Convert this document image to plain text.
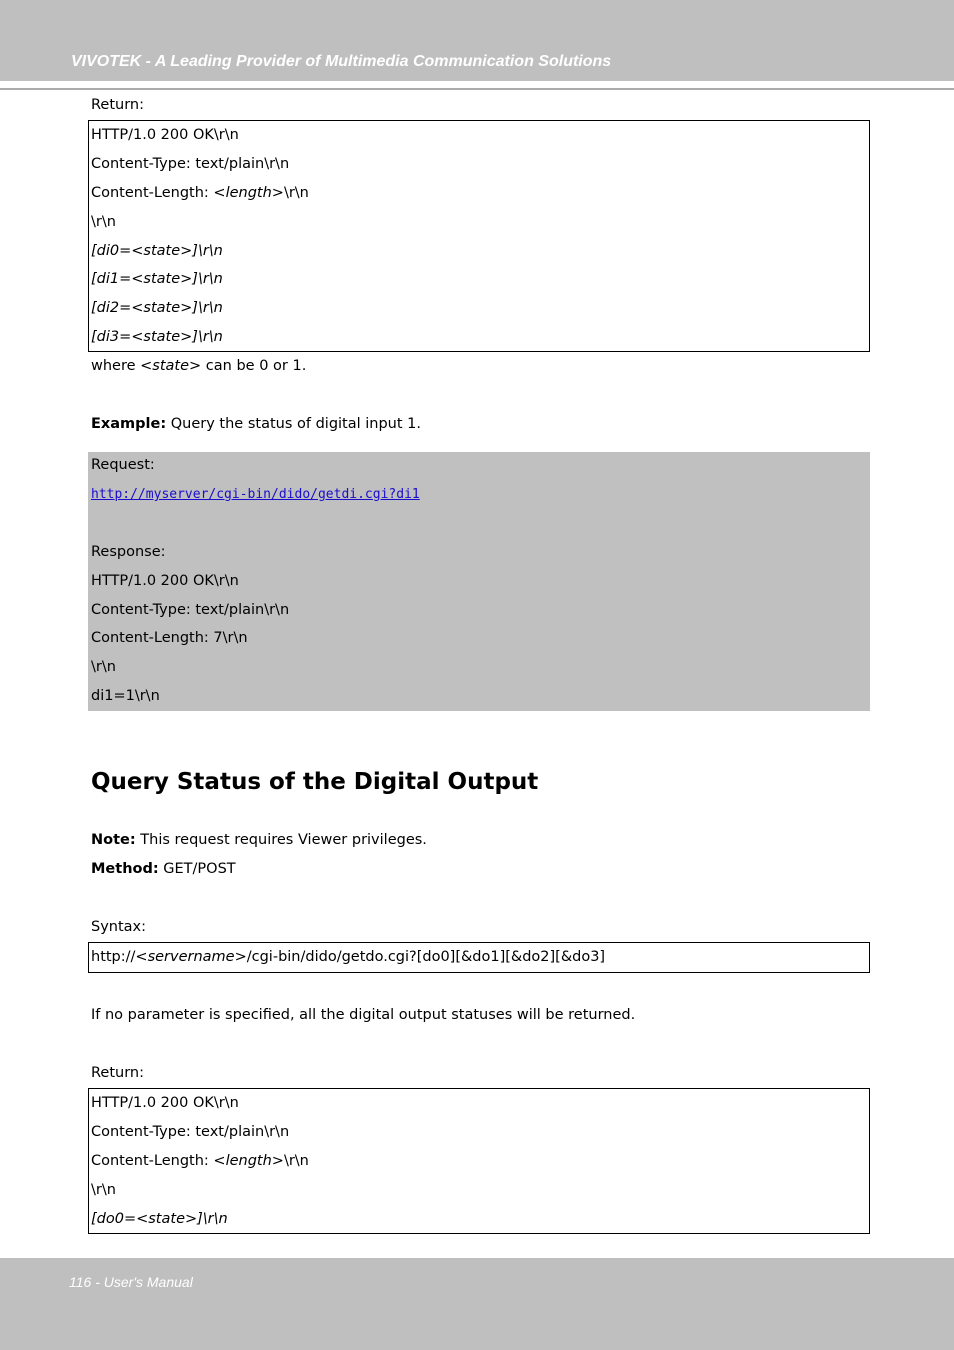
VIVOTEK - A Leading Provider of Multimedia Communication Solutions
Return:
HTTP/1.0 200 OK\r\n
Content-Type: text/plain\r\n
Content-Length: <length>\r\n
\r\n
[di0=<state>]\r\n
[di1=<state>]\r\n
[di2=<state>]\r\n
[di3=<state>]\r\n
where <state> can be 0 or 1.
Example: Query the status of digital input 1.
Request:
http://myserver/cgi-bin/dido/getdi.cgi?di1
Response:
HTTP/1.0 200 OK\r\n
Content-Type: text/plain\r\n
Content-Length: 7\r\n
\r\n
di1=1\r\n
Query Status of the Digital Output
Note: This request requires Viewer privileges.
Method: GET/POST
Syntax:
http://<servername>/cgi-bin/dido/getdo.cgi?[do0][&do1][&do2][&do3]
If no parameter is specified, all the digital output statuses will be returned.
Return:
HTTP/1.0 200 OK\r\n
Content-Type: text/plain\r\n
Content-Length: <length>\r\n
\r\n
[do0=<state>]\r\n
116 - User's Manual
